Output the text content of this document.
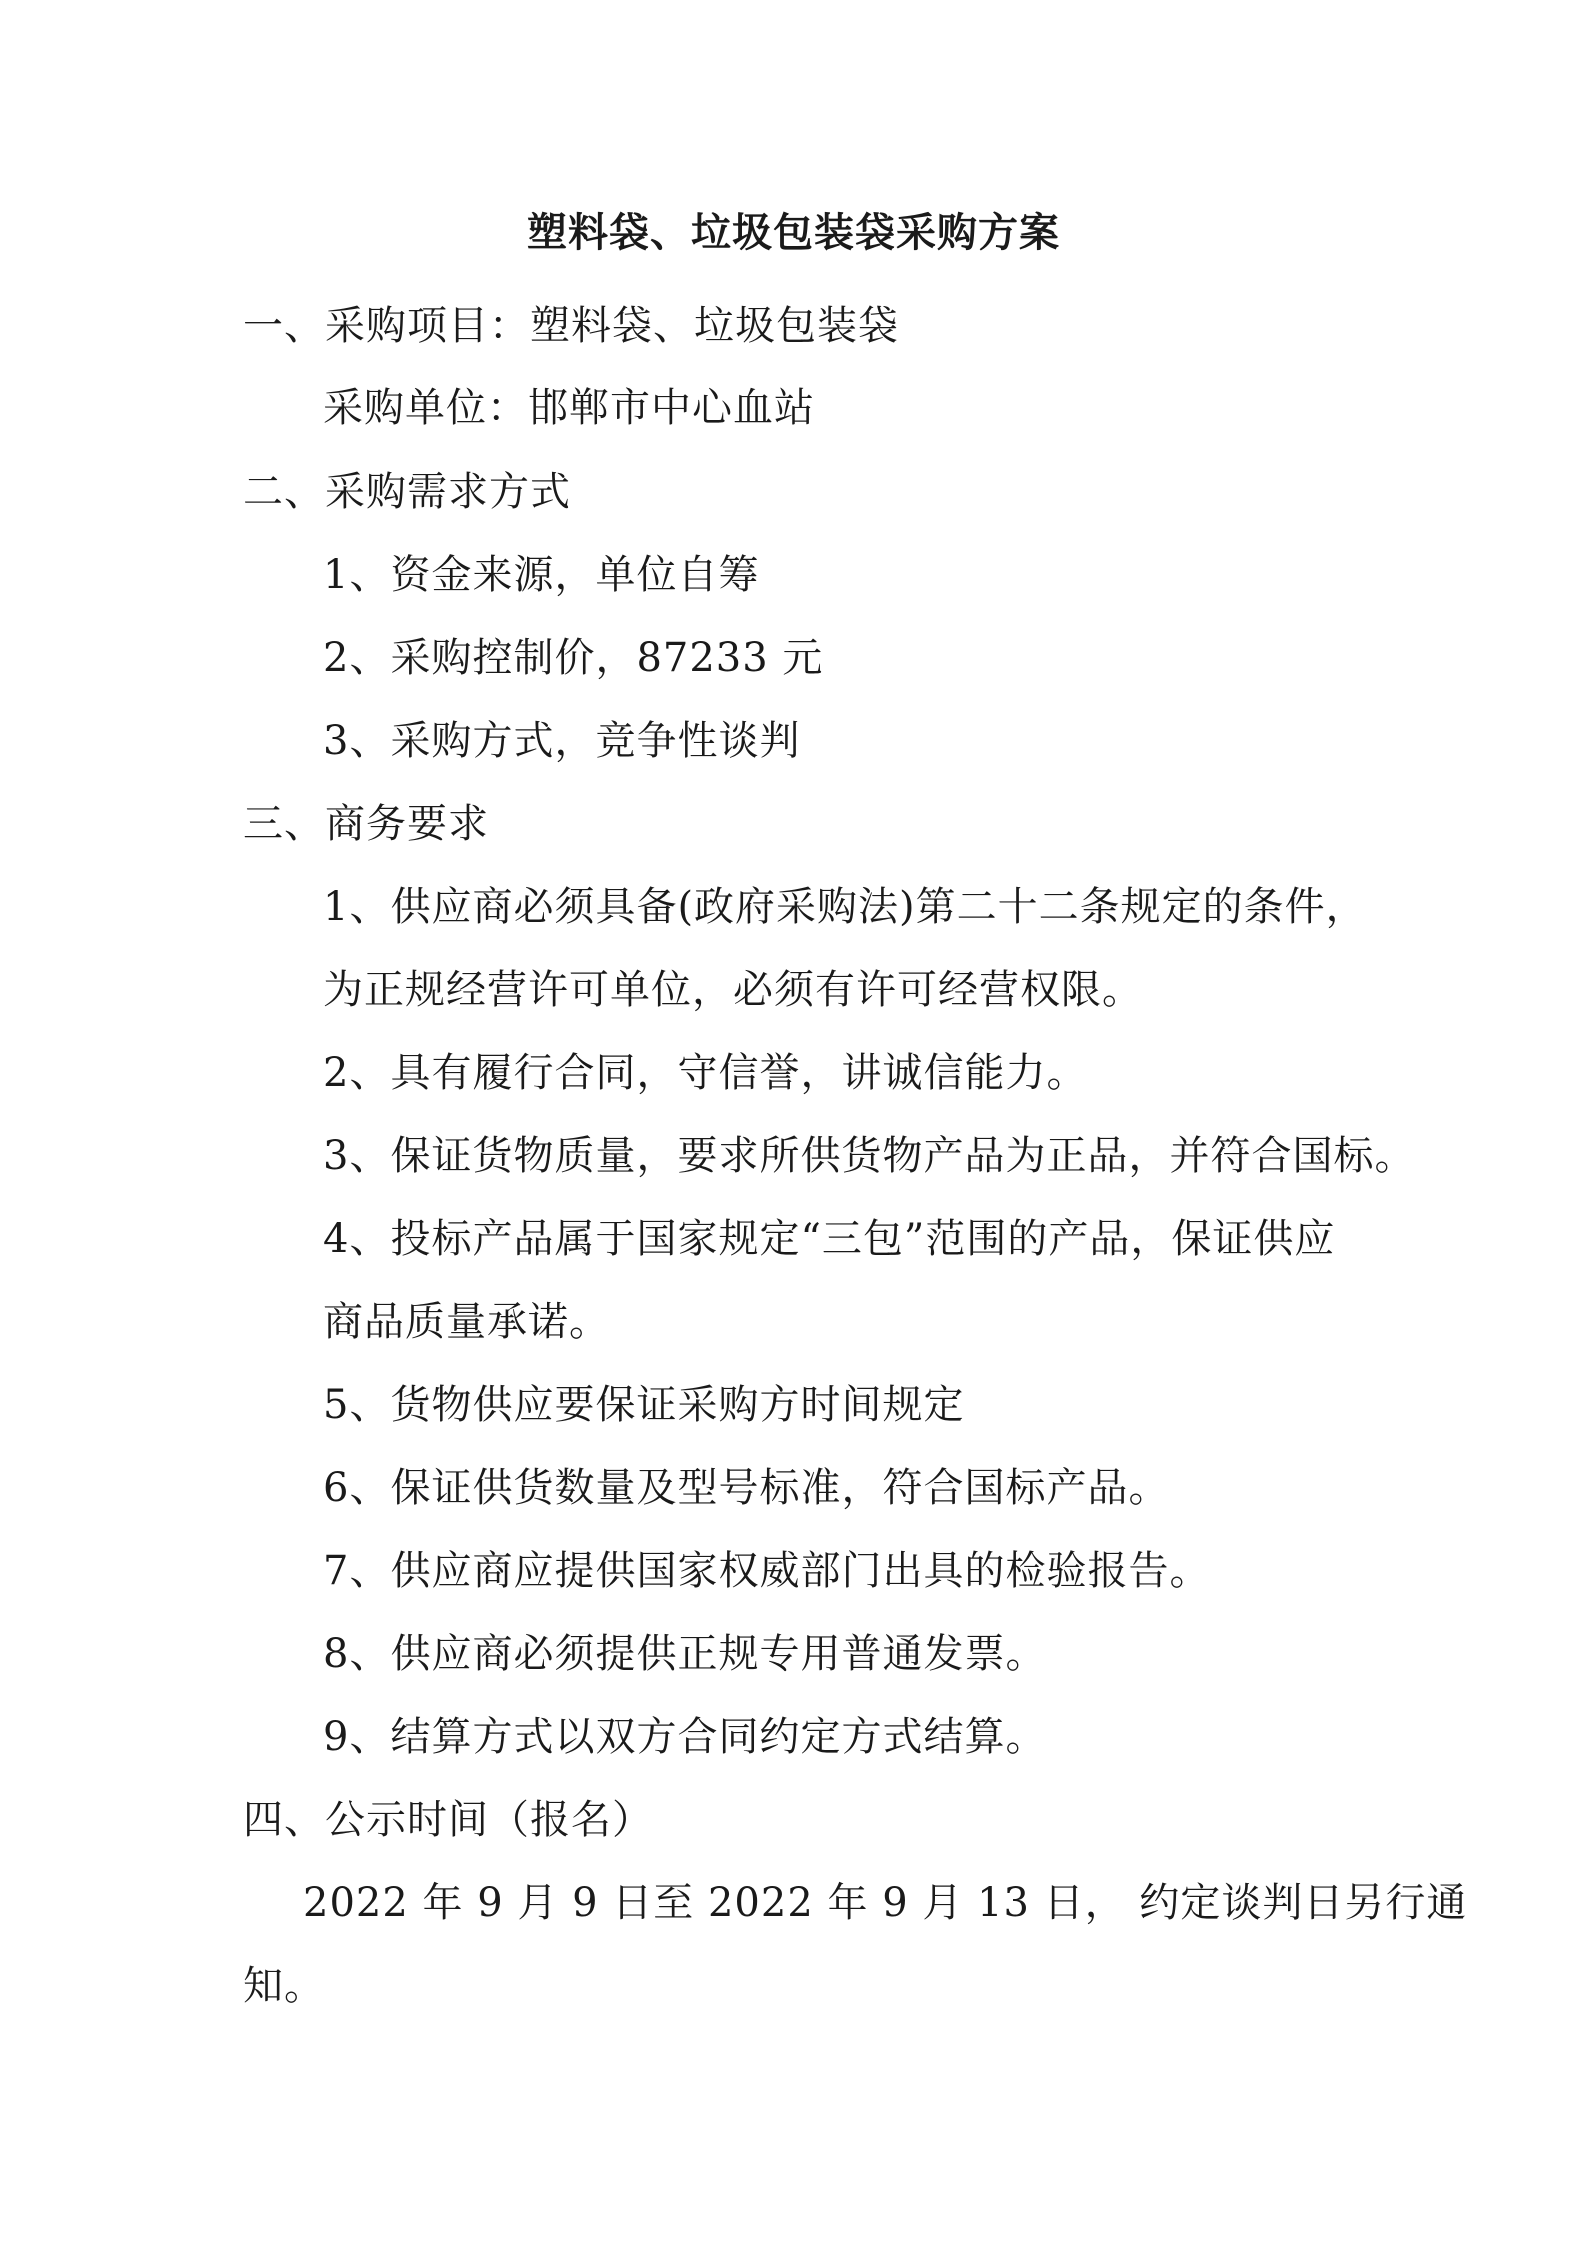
塑料袋、垃圾包装袋采购方案
一、采购项目：塑料袋、垃圾包装袋
采购单位：邯郸市中心血站
二、采购需求方式
1、资金来源，单位自筹
2、采购控制价，87233 元
3、采购方式，竞争性谈判
三、商务要求
1、供应商必须具备(政府采购法)第二十二条规定的条件，
为正规经营许可单位，必须有许可经营权限。
2、具有履行合同，守信誉，讲诚信能力。
3、保证货物质量，要求所供货物产品为正品，并符合国标。
4、投标产品属于国家规定“三包”范围的产品，保证供应
商品质量承诺。
5、货物供应要保证采购方时间规定
6、保证供货数量及型号标准，符合国标产品。
7、供应商应提供国家权威部门出具的检验报告。
8、供应商必须提供正规专用普通发票。
9、结算方式以双方合同约定方式结算。
四、公示时间（报名）
2022 年 9 月 9 日至 2022 年 9 月 13 日， 约定谈判日另行通
知。
